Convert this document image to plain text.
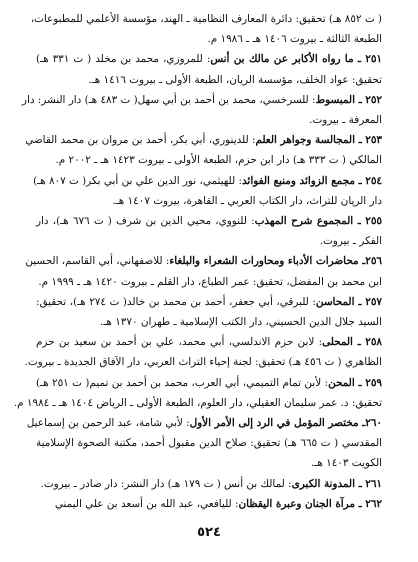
( ت ٨٥٢ هـ) تحقيق: دائرة المعارف النظامية ـ الهند، مؤسسة الأعلمي للمطبوعات،
الطبعة الثالثة ـ بيروت ١٤٠٦ هـ ـ ١٩٨٦ م.
٢٥١ ـ ما رواه الأكابر عن مالك بن أنس: للمروزي، محمد بن مخلد ( ت ٣٣١ هـ)
تحقيق: عواد الخلف، مؤسسة الريان، الطبعة الأولى ـ بيروت ١٤١٦ هـ.
٢٥٢ ـ المبسوط: للسرخسي، محمد بن أحمد بن أبي سهل( ت ٤٨٣ هـ) دار النشر: دار
المعرفة ـ بيروت.
٢٥٣ ـ المجالسة وجواهر العلم: للدينوري، أبي بكر، أحمد بن مروان بن محمد القاضي
المالكي ( ت ٣٣٣ هـ) دار ابن حزم، الطبعة الأولى ـ بيروت ١٤٢٣ هـ ـ ٢٠٠٢ م.
٢٥٤ ـ مجمع الزوائد ومنبع الفوائد: للهيثمي، نور الدين علي بن أبي بكر( ت ٨٠٧ هـ)
دار الريان للتراث، دار الكتاب العربي ـ القاهرة، بيروت ١٤٠٧ هـ.
٢٥٥ ـ المجموع شرح المهذب: للنووي، محيي الدين بن شرف ( ت ٦٧٦ هـ)، دار
الفكر ـ بيروت.
٢٥٦ـ محاضرات الأدباء ومحاورات الشعراء والبلغاء: للاصفهاني، أبي القاسم، الحسين
ابن محمد بن المفضل، تحقيق: عمر الطباع، دار القلم ـ بيروت ١٤٢٠ هـ ـ ١٩٩٩ م.
٢٥٧ ـ المحاسن: للبرقي، أبي جعفر، أحمد بن محمد بن خالد( ت ٢٧٤ هـ)، تحقيق:
السيد جلال الدين الحسيني، دار الكتب الإسلامية ـ طهران ١٣٧٠ هـ.
٢٥٨ ـ المحلى: لابن حزم الاندلسي، أبي محمد، علي بن أحمد بن سعيد بن حزم
الظاهري ( ت ٤٥٦ هـ) تحقيق: لجنة إحياء التراث العربي، دار الآفاق الجديدة ـ بيروت.
٢٥٩ ـ المحن: لأبن تمام التميمي، أبي العرب، محمد بن أحمد بن تميم( ت ٢٥١ هـ)
تحقيق: د. عمر سليمان العقيلي، دار العلوم، الطبعة الأولى ـ الرياض ١٤٠٤ هـ ـ ١٩٨٤ م.
٢٦٠ـ مختصر المؤمل في الرد إلى الأمر الأول: لأبي شامة، عبد الرحمن بن إسماعيل
المقدسي ( ت ٦٦٥ هـ) تحقيق: صلاح الدين مقبول أحمد، مكتبة الصحوة الإسلامية
الكويت ١٤٠٣ هـ.
٢٦١ ـ المدونة الكبرى: لمالك بن أنس ( ت ١٧٩ هـ) دار النشر: دار صادر ـ بيروت.
٢٦٢ ـ مرآة الجنان وعبرة اليقظان: لليافعي، عبد الله بن أسعد بن علي اليمني
٥٢٤
